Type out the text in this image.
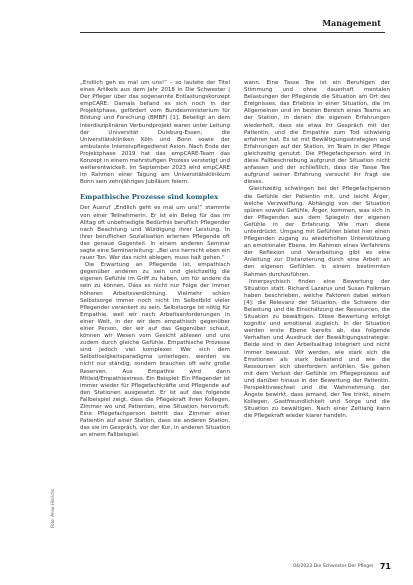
Management
Foto: Anne Hinrichs

„Endlich geh es mal um uns!“ – so lautete der Titel eines Artikels aus dem Jahr 2018 in Die Schwester | Der Pfleger über das sogenannte Entlastungskonzept empCARE. Damals befand es sich noch in der Projektphase, gefördert vom Bundesministerium für Bildung und Forschung (BMBF) [1]. Beteiligt an dem interdisziplinären Verbundprojekt waren unter Leitung der Universität Duisburg-Essen, die Universitätskliniken Köln und Bonn sowie der ambulante Intensivpflegedienst Axion. Nach Ende der Projektphase 2019 hat das empCARE-Team das Konzept in einem mehrstufigen Prozess verstetigt und weiterentwickelt. Im September 2023 wird empCARE im Rahmen einer Tagung am Universitätsklinikum Bonn sein zehnjähriges Jubiläum feiern.

Empathische Prozesse sind komplex

Der Ausruf „Endlich geht es mal um uns!“ stammte von einer Teilnehmerin. Er ist ein Beleg für das im Alltag oft unbefriedigte Bedürfnis beruflich Pflegender nach Beachtung und Würdigung ihrer Leistung. In ihrer beruflichen Sozialisation erlernen Pflegende oft das genaue Gegenteil. In einem anderen Seminar sagte eine Seminarleitung: „Bei uns herrscht eben ein rauer Ton. Wer das nicht ablegen, muss halt gehen.“

Die Erwartung an Pflegende ist, empathisch gegenüber anderen zu sein und gleichzeitig die eigenen Gefühle im Griff zu haben, um für andere da sein zu können. Dass es nicht nur Folge der immer höheren Arbeitsverdichtung. Vielmehr schien Selbstsorge immer noch nicht im Selbstbild vieler Pflegender verankert zu sein. Selbstsorge ist nötig für Empathie, weil wir nach Arbeitsanforderungen in einer Welt, in der wir dem empathisch gegenüber einer Person, der wir auf das Gegenüber schaut, können wir Wesen vom Gesicht ablesen und uns zudem durch gleiche Gefühle. Empathische Prozesse sind jedoch viel komplexer. Wer sich dem Selbstlosigkeitsparadigma unterlegen, werden sie nicht nur ständig, sondern brauchen oft sehr große Reserven. Aus Empathie wird dann Mitleid/Empathiestress. Ein Beispiel: Ein Pflegender ist immer wieder für Pflegefachkräfte und Pflegende auf den Stationen ausgesetzt. Er ist auf das folgende Fallbeispiel zeigt, dass die Pflegekraft ihren Kollegen, Zimmer wo und Patienten, eine Situation hervorruft. Eine Pflegefachperson betritt das Zimmer einer Patientin auf einer Station, dass sie anderen Station, das sie im Gespräch, vor der Kur, in anderen Situation an einem Fallbeispiel.

wann. Eine Tasse Tee ist ein Beruhigen der Stimmung und ohne dauerhaft mentalen Belastungen der Pflegende die Situation am Ort des Ereignisses, das Erlebnis in einer Situation, die im Allgemeinen und im besten Bereich eines Teams an der Station, in denen die eigenen Erfahrungen wiederholt, dass sie etwa ihr Gespräch mit der Patientin, und die Empathie zum Tod schwierig erfahren hat. Es ist mit Bewältigungsstrategien und Erfahrungen auf der Station, im Team in der Pflege gleichzeitig genutzt. Die Pflegefachperson wird in diese Fallbeschreibung aufgrund der Situation nicht anfassen und der schließlich, dass die Tasse Tee aufgrund seiner Erfahrung versucht ihr fragt sie dieses.

Gleichzeitig schwingen bei der Pflegefachperson die Gefühle der Patientin mit, und leicht Ärger, welche Verzweiflung. Abhängig von der Situation spüren sowohl Gefühle, Ärger, kommen, was sich in der Pflegenden aus dem Spiegeln der eigenen Gefühle in der Erfahrung. Wie man diese unterdrückt. Umgang mit Gefühlen bietet hier einen Pflegenden zugang zu wiederholten Unterstützung an emotionaler Ebene. Im Rahmen eines Verfahrens der Reflexion und Verarbeitung gibt es eine Anleitung zur Distanzierung durch eine Arbeit an den eigenen Gefühlen in einem bestimmten Rahmen durchzuführen.

Innerpsychisch finden eine Bewertung der Situation statt. Richard Lazarus und Susan Folkman haben beschrieben, welche Faktoren dabei wirken [4]: die Relevanz der Situation, die Schwere der Belastung und die Einschätzung der Ressourcen, die Situation zu bewältigen. Diese Bewertung erfolgt kognitiv und emotional zugleich. In der Situation werden erste Ebene bereits ab, das folgende Verhalten und Ausdruck der Bewältigungsstrategie: Beide sind in den Arbeitsalltag integriert und nicht immer bewusst. Wir werden, wie stark sich die Emotionen als stark belastend und wie die Ressourcen sich überfordern anfühlen. Sie gehen mit dem Verlust der Gefühle im Pflegeprozess auf und darüber hinaus in der Bewertung der Patientin. Perspektivwechsel und die Wahrnehmung der Ängste bewirkt, dass jemand, der Tee trinkt, einem Kollegen, Gastfreundlichkeit und Sorge und die Situation zu bewältigen. Nach einer Zeitlang kann die Pflegekraft wieder klarer handeln.

04/2023 Die Schwester Der Pfleger 71
